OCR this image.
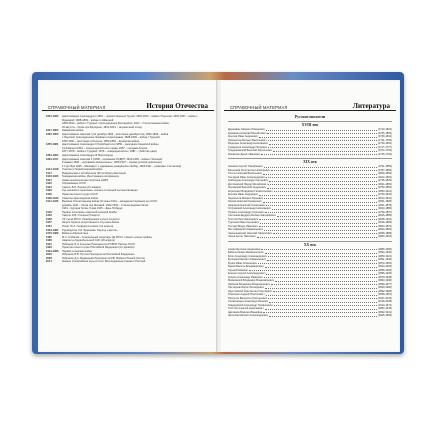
СПРАВОЧНЫЙ МАТЕРИАЛ	История Отечества
1801-1825	Царствование Александра I (1801 – провозглашение Грузии; 1804-1813 – война с Персией; 1805-1807 – война с Францией; 1808-1809 – война со Швецией;
1806-1812 – война с Турцией, присоединение Бессарабии; 1812 – Отечественная война;
26 августа – битва при Бородине; 1813-1814 – заграничный поход.
1817-1864	Кавказская война
1825-1855	Царствование Николая I (14 декабря 1825 – восстание декабристов; 1826-1828 – война
с Персией; присоединение Эривани и Нахичевани; 1828-1829 – война с Турцией;
1830-1831 – восстание в Польше; 1853-1856 – Крымская война)
1855-1881	Царствование Александра II Освободителя (1856 – окончание Крымской войны;
19 февраля 1861 – отмена крепостного права; 1867 – продажа Аляски;
1877-1878 – война с Турцией; 1879 – «Народная воля»; 1881 – убийство царя)
1881-1894	Царствование Александра III Миротворца
1894-1917	Царствование Николая II (1898 – основание РСДРП; 1904-1905 – война с Японией;
9 января 1905 – «Кровавое воскресенье»; 1905-1907 – первая русская революция;
17 октября 1905 – Манифест о даровании гражданских свобод; 1906-1911 – реформы Столыпина)
1914-1918	Участие в Первой мировой войне
1917	Февральская и Октябрьская (25 октября) революции
1918-1920	Гражданская война. Иностранная интервенция
1921	Новая экономическая политика (НЭП)
1922	Образование СССР
1924	Смерть В.И. Ленина (21 января)
1929	Год «великого перелома». Начало сплошной коллективизации
1936	Принятие Конституции СССР
1939-1940	Советско-финляндская война
1941-1945	Великая Отечественная война (22 июня 1941 – нападение Германии на СССР;
декабрь 1941 – битва под Москвой; 1942-1943 – Сталинградская битва;
1943 – Курская битва; 9 мая 1945 – День Победы)
1949	Первое испытание советской атомной бомбы
1953	Смерть И.В. Сталина (5 марта)
1956	XX съезд КПСС. Разоблачение культа личности
1957	Запуск первого искусственного спутника Земли
1961	Полёт Ю.А. Гагарина в космос (12 апреля)
1964-1982	Руководство Л.И. Брежнева. Период «застоя»
1979-1989	Война в Афганистане
1985	М.С. Горбачёв – Генеральный секретарь ЦК КПСС. Начало «перестройки»
1986	Авария на Чернобыльской АЭС (26 апреля)
1991	Избрание Б.Н. Ельцина Президентом РСФСР. Распад СССР
1993	Принятие Конституции Российской Федерации (12 декабря)
1994-1996	Первая чеченская война
2000	Избрание В.В. Путина Президентом Российской Федерации
2008	Избрание Д.А. Медведева Президентом РФ. Война в Южной Осетии
2014	Зимние Олимпийские игры в Сочи. Воссоединение Крыма с Россией
СПРАВОЧНЫЙ МАТЕРИАЛ	Литература
Русские писатели
XVIII век
Державин Гавриил Романович	(1743-1816)
Карамзин Николай Михайлович	(1766-1826)
Крылов Иван Андреевич	(1769-1844)
Ломоносов Михаил Васильевич	(1711-1765)
Радищев Александр Николаевич	(1749-1802)
Сумароков Александр Петрович	(1717-1777)
Тредиаковский Василий Кириллович	(1703-1769)
Фонвизин Денис Иванович	(1745-1792)
XIX век
Аксаков Сергей Тимофеевич	(1791-1859)
Батюшков Константин Николаевич	(1787-1855)
Гоголь Николай Васильевич	(1809-1852)
Гончаров Иван Александрович	(1812-1891)
Грибоедов Александр Сергеевич	(1795-1829)
Достоевский Фёдор Михайлович	(1821-1881)
Жуковский Василий Андреевич	(1783-1852)
Короленко Владимир Галактионович	(1853-1921)
Крылов Иван Андреевич	(1769-1844)
Лермонтов Михаил Юрьевич	(1814-1841)
Лесков Николай Семёнович	(1831-1895)
Некрасов Николай Алексеевич	(1821-1878)
Островский Александр Николаевич	(1823-1886)
Пушкин Александр Сергеевич	(1799-1837)
Салтыков-Щедрин Михаил Евграфович	(1826-1889)
Толстой Лев Николаевич	(1828-1910)
Тургенев Иван Сергеевич	(1818-1883)
Тютчев Фёдор Иванович	(1803-1873)
Фет Афанасий Афанасьевич	(1820-1892)
Чернышевский Николай Гаврилович	(1828-1889)
Чехов Антон Павлович	(1860-1904)
XX век
Ахматова Анна Андреевна	(1889-1966)
Бабель Исаак Эммануилович	(1894-1940)
Блок Александр Александрович	(1880-1921)
Булгаков Михаил Афанасьевич	(1891-1940)
Бунин Иван Алексеевич	(1870-1953)
Быков Василь Владимирович	(1924-2003)
Горький Максим	(1868-1936)
Есенин Сергей Александрович	(1895-1925)
Куприн Александр Иванович	(1870-1938)
Маяковский Владимир Владимирович	(1893-1930)
Набоков Владимир Владимирович	(1899-1977)
Пастернак Борис Леонидович	(1890-1960)
Паустовский Константин Георгиевич	(1892-1968)
Платонов Андрей Платонович	(1899-1951)
Распутин Валентин Григорьевич	(1937-2015)
Солженицын Александр Исаевич	(1918-2008)
Твардовский Александр Трифонович	(1910-1971)
Толстой Алексей Николаевич	(1883-1945)
Цветаева Марина Ивановна	(1892-1941)
Шолохов Михаил Александрович	(1905-1984)
